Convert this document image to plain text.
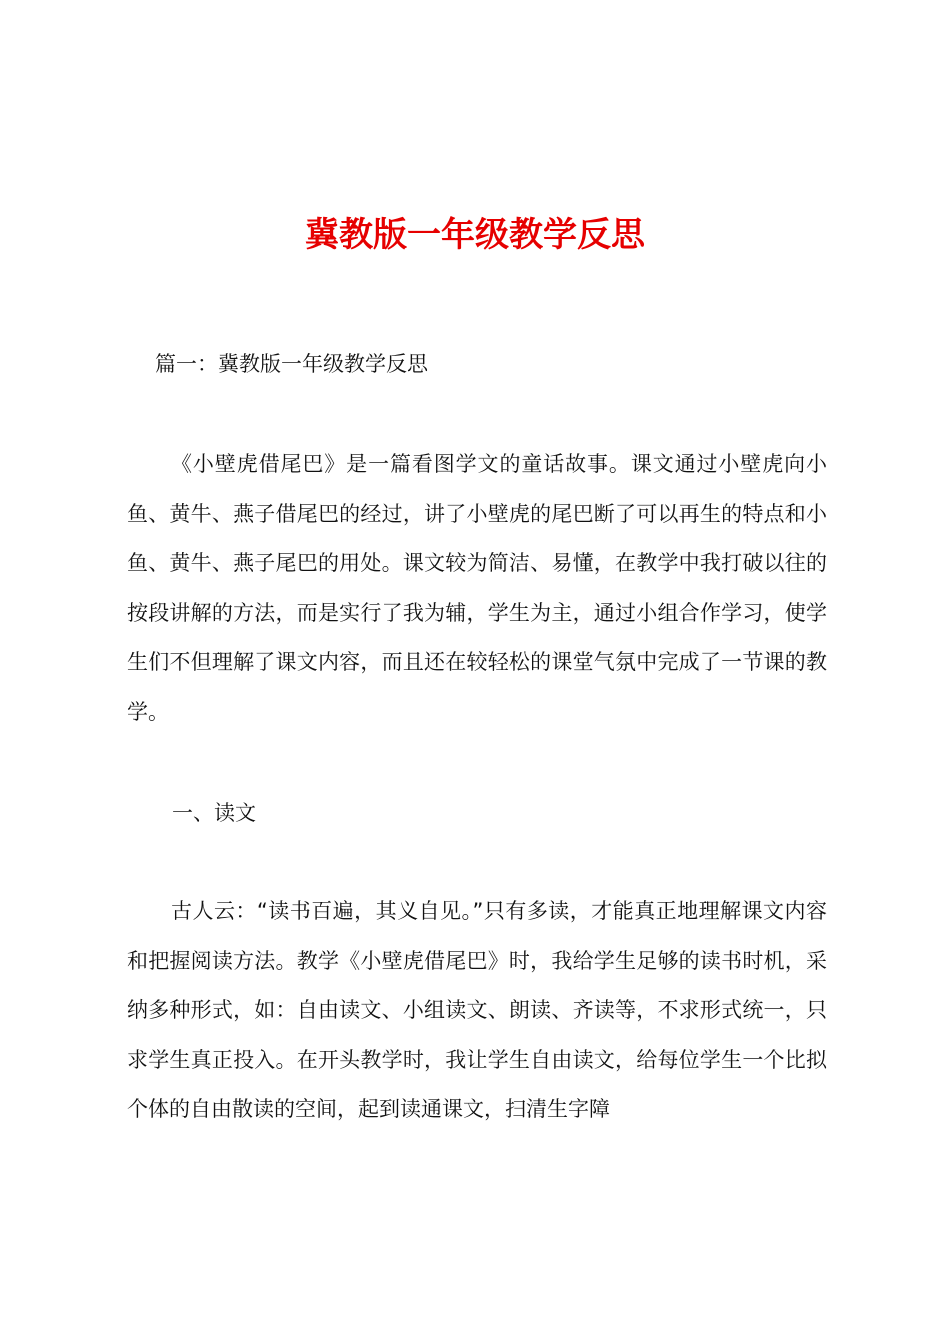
冀教版一年级教学反思

篇一：冀教版一年级教学反思

《小壁虎借尾巴》是一篇看图学文的童话故事。课文通过小壁虎向小鱼、黄牛、燕子借尾巴的经过，讲了小壁虎的尾巴断了可以再生的特点和小鱼、黄牛、燕子尾巴的用处。课文较为简洁、易懂，在教学中我打破以往的按段讲解的方法，而是实行了我为辅，学生为主，通过小组合作学习，使学生们不但理解了课文内容，而且还在较轻松的课堂气氛中完成了一节课的教学。

一、读文

古人云：“读书百遍，其义自见。”只有多读，才能真正地理解课文内容和把握阅读方法。教学《小壁虎借尾巴》时，我给学生足够的读书时机，采纳多种形式，如：自由读文、小组读文、朗读、齐读等，不求形式统一，只求学生真正投入。在开头教学时，我让学生自由读文，给每位学生一个比拟个体的自由散读的空间，起到读通课文，扫清生字障
